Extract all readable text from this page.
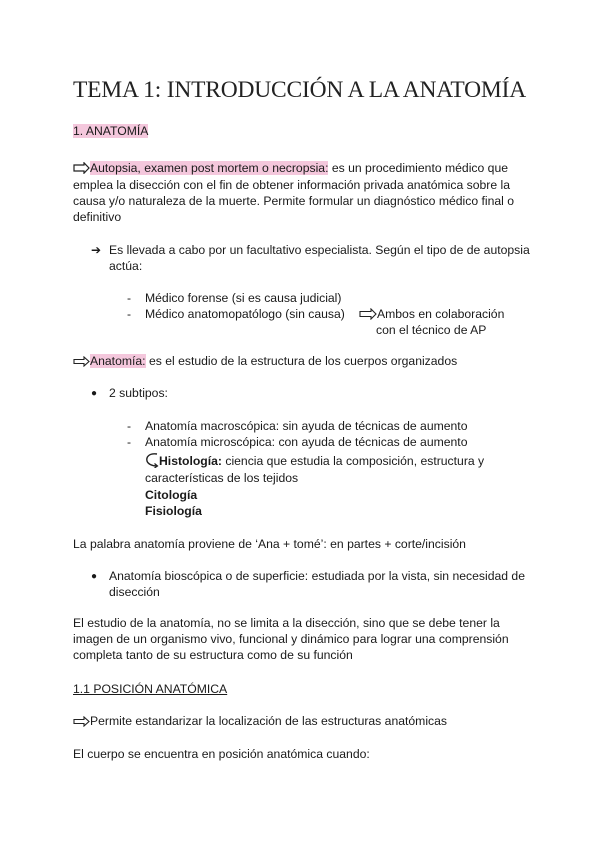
TEMA 1: INTRODUCCIÓN A LA ANATOMÍA
1. ANATOMÍA
Autopsia, examen post mortem o necropsia: es un procedimiento médico que
emplea la disección con el fin de obtener información privada anatómica sobre la
causa y/o naturaleza de la muerte. Permite formular un diagnóstico médico final o
definitivo
➔ Es llevada a cabo por un facultativo especialista. Según el tipo de de autopsia
actúa:
- Médico forense (si es causa judicial)
- Médico anatomopatólogo (sin causa)	Ambos en colaboración
con el técnico de AP
Anatomía: es el estudio de la estructura de los cuerpos organizados
● 2 subtipos:
- Anatomía macroscópica: sin ayuda de técnicas de aumento
- Anatomía microscópica: con ayuda de técnicas de aumento
Histología: ciencia que estudia la composición, estructura y
características de los tejidos
Citología
Fisiología
La palabra anatomía proviene de ‘Ana + tomé’: en partes + corte/incisión
● Anatomía bioscópica o de superficie: estudiada por la vista, sin necesidad de
disección
El estudio de la anatomía, no se limita a la disección, sino que se debe tener la
imagen de un organismo vivo, funcional y dinámico para lograr una comprensión
completa tanto de su estructura como de su función
1.1 POSICIÓN ANATÓMICA
Permite estandarizar la localización de las estructuras anatómicas
El cuerpo se encuentra en posición anatómica cuando:
